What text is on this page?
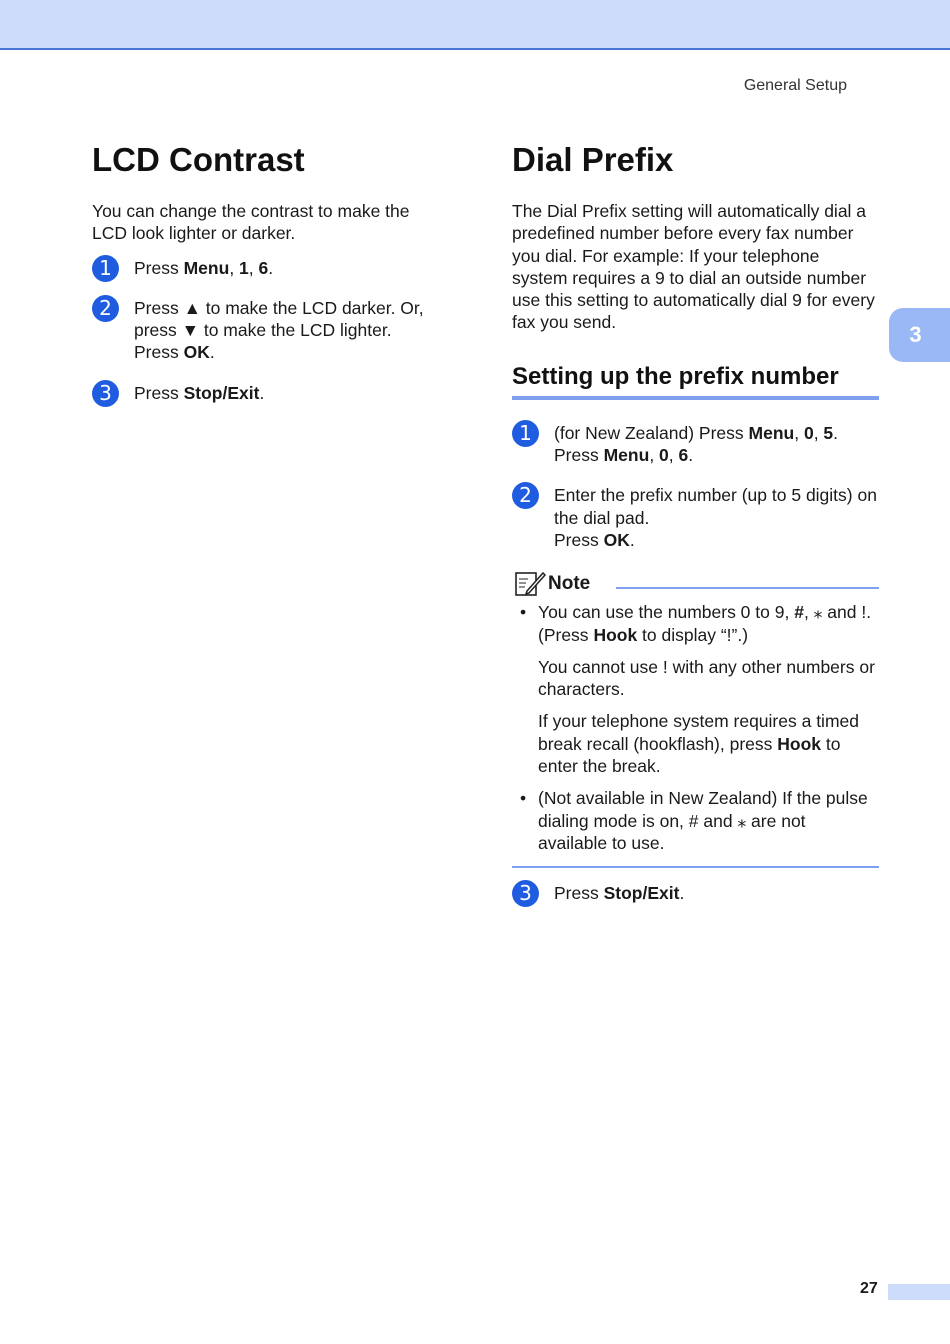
General Setup
3
LCD Contrast

You can change the contrast to make the LCD look lighter or darker.

1	Press Menu, 1, 6.
2	Press ▲ to make the LCD darker. Or,
press ▼ to make the LCD lighter.
Press OK.
3	Press Stop/Exit.
Dial Prefix

The Dial Prefix setting will automatically dial a predefined number before every fax number you dial. For example: If your telephone system requires a 9 to dial an outside number use this setting to automatically dial 9 for every fax you send.

Setting up the prefix number
1	(for New Zealand) Press Menu, 0, 5.
Press Menu, 0, 6.
2	Enter the prefix number (up to 5 digits) on the dial pad.
Press OK.
Note
• You can use the numbers 0 to 9, #, ⁎ and !. (Press Hook to display “!”.)

You cannot use ! with any other numbers or characters.

If your telephone system requires a timed break recall (hookflash), press Hook to enter the break.

• (Not available in New Zealand) If the pulse dialing mode is on, # and ⁎ are not available to use.

3	Press Stop/Exit.
27
